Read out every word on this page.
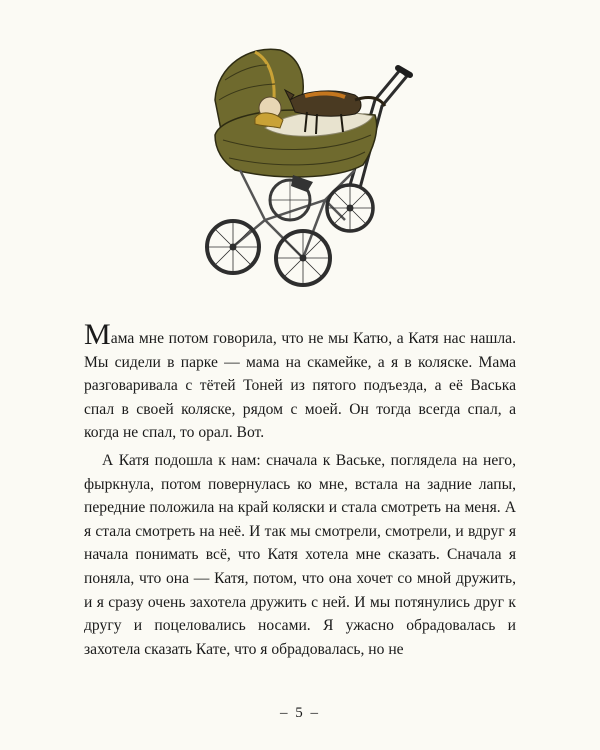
Мама мне потом говорила, что не мы Катю, а Катя нас нашла. Мы сидели в парке — мама на скамейке, а я в коляске. Мама разговаривала с тётей Тоней из пятого подъезда, а её Васька спал в своей коляске, рядом с моей. Он тогда всегда спал, а когда не спал, то орал. Вот.

А Катя подошла к нам: сначала к Ваське, поглядела на него, фыркнула, потом повернулась ко мне, встала на задние лапы, передние положила на край коляски и стала смотреть на меня. А я стала смотреть на неё. И так мы смотрели, смотрели, и вдруг я начала понимать всё, что Катя хотела мне сказать. Сначала я поняла, что она — Катя, потом, что она хочет со мной дружить, и я сразу очень захотела дружить с ней. И мы потянулись друг к другу и поцеловались носами. Я ужасно обрадовалась и захотела сказать Кате, что я обрадовалась, но не

– 5 –
